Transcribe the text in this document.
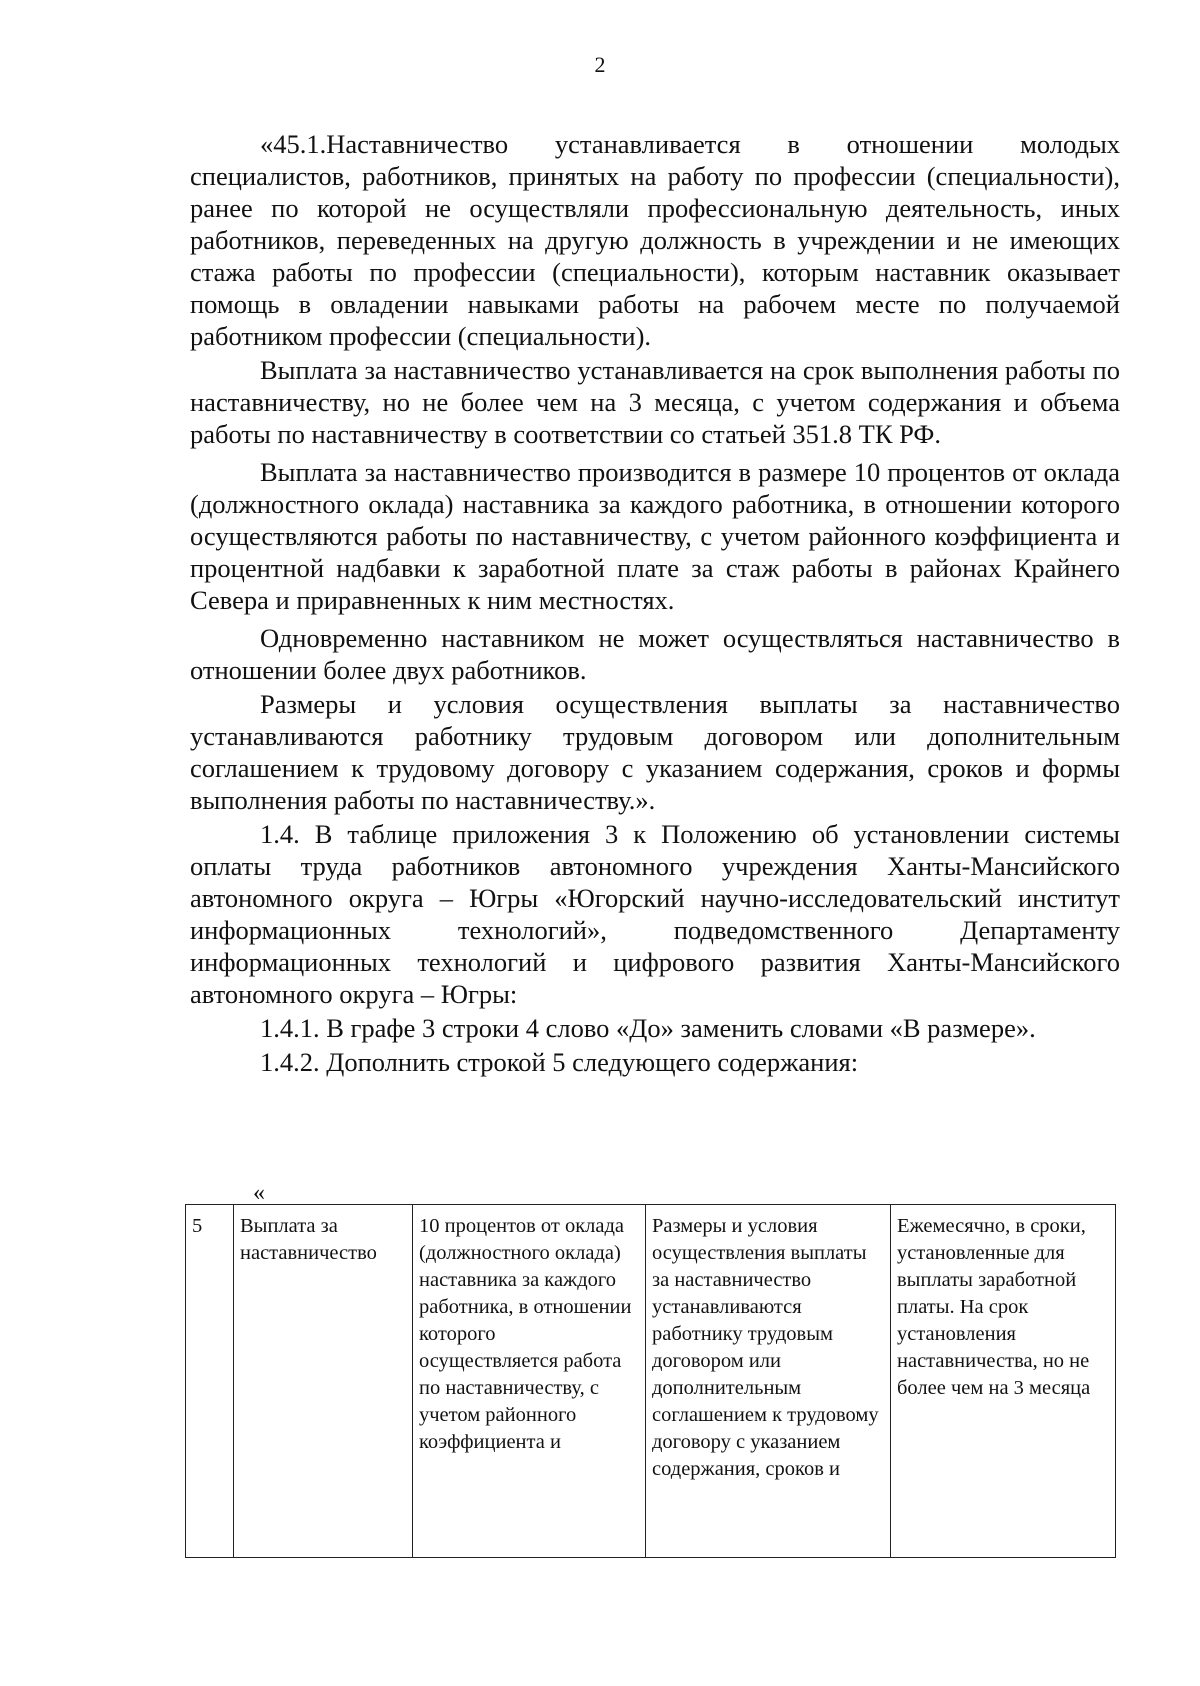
2

«45.1.Наставничество устанавливается в отношении молодых специалистов, работников, принятых на работу по профессии (специальности), ранее по которой не осуществляли профессиональную деятельность, иных работников, переведенных на другую должность в учреждении и не имеющих стажа работы по профессии (специальности), которым наставник оказывает помощь в овладении навыками работы на рабочем месте по получаемой работником профессии (специальности).

Выплата за наставничество устанавливается на срок выполнения работы по наставничеству, но не более чем на 3 месяца, с учетом содержания и объема работы по наставничеству в соответствии со статьей 351.8 ТК РФ.

Выплата за наставничество производится в размере 10 процентов от оклада (должностного оклада) наставника за каждого работника, в отношении которого осуществляются работы по наставничеству, с учетом районного коэффициента и процентной надбавки к заработной плате за стаж работы в районах Крайнего Севера и приравненных к ним местностях.

Одновременно наставником не может осуществляться наставничество в отношении более двух работников.

Размеры и условия осуществления выплаты за наставничество устанавливаются работнику трудовым договором или дополнительным соглашением к трудовому договору с указанием содержания, сроков и формы выполнения работы по наставничеству.».

1.4. В таблице приложения 3 к Положению об установлении системы оплаты труда работников автономного учреждения Ханты-Мансийского автономного округа – Югры «Югорский научно-исследовательский институт информационных технологий», подведомственного Департаменту информационных технологий и цифрового развития Ханты-Мансийского автономного округа – Югры:

1.4.1. В графе 3 строки 4 слово «До» заменить словами «В размере».

1.4.2. Дополнить строкой 5 следующего содержания:

«
5	Выплата за наставничество	10 процентов от оклада (должностного оклада) наставника за каждого работника, в отношении которого осуществляется работа по наставничеству, с учетом районного коэффициента и	Размеры и условия осуществления выплаты за наставничество устанавливаются работнику трудовым договором или дополнительным соглашением к трудовому договору с указанием содержания, сроков и	Ежемесячно, в сроки, установленные для выплаты заработной платы. На срок установления наставничества, но не более чем на 3 месяца
